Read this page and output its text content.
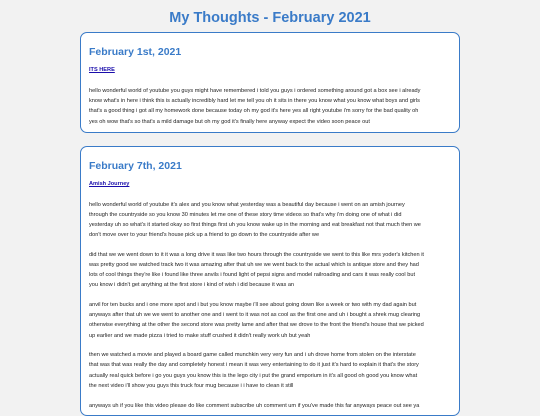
My Thoughts - February 2021
February 1st, 2021
ITS HERE
hello wonderful world of youtube you guys might have remembered i told you guys i ordered something around got a box see i already
know what's in here i think this is actually incredibly hard let me tell you oh it sits in there you know what you know what boys and girls
that's a good thing i got all my homework done because today oh my god it's here yes all right youtube i'm sorry for the bad quality oh
yes oh wow that's so that's a mild damage but oh my god it's finally here anyway expect the video soon peace out
February 7th, 2021
Amish Journey
hello wonderful world of youtube it's alex and you know what yesterday was a beautiful day because i went on an amish journey
through the countryside so you know 30 minutes let me one of these story time videos so that's why i'm doing one of what i did
yesterday uh so what's it started okay so first things first uh you know wake up in the morning and eat breakfast not that much then we
don't move over to your friend's house pick up a friend to go down to the countryside after we
did that we we went down to it it was a long drive it was like two hours through the countryside we went to this like mrs yoder's kitchen it
was pretty good we watched track two it was amazing after that uh we we went back to the actual which is antique store and they had
lots of cool things they're like i found like three anvils i found light of pepsi signs and model railroading and cars it was really cool but
you know i didn't get anything at the first store i kind of wish i did because it was an
anvil for ten bucks and i one more spot and i but you know maybe i'll see about going down like a week or two with my dad again but
anyways after that uh we we went to another one and i went to it was not as cool as the first one and uh i bought a shrek mug clearing
otherwise everything at the other the second store was pretty lame and after that we drove to the front the friend's house that we picked
up earlier and we made pizza i tried to make stuff crushed it didn't really work uh but yeah
then we watched a movie and played a board game called munchkin very very fun and i uh drove home from stolen on the interstate
that was that was really the day and completely honest i mean it was very entertaining to do it just it's hard to explain it that's the story
actually real quick before i go you guys you know this is the lego city i put the grand emporium in it's all good oh good you know what
the next video i'll show you guys this truck four mug because i i have to clean it still
anyways uh if you like this video please do like comment subscribe uh comment um if you've made this far anyways peace out see ya
